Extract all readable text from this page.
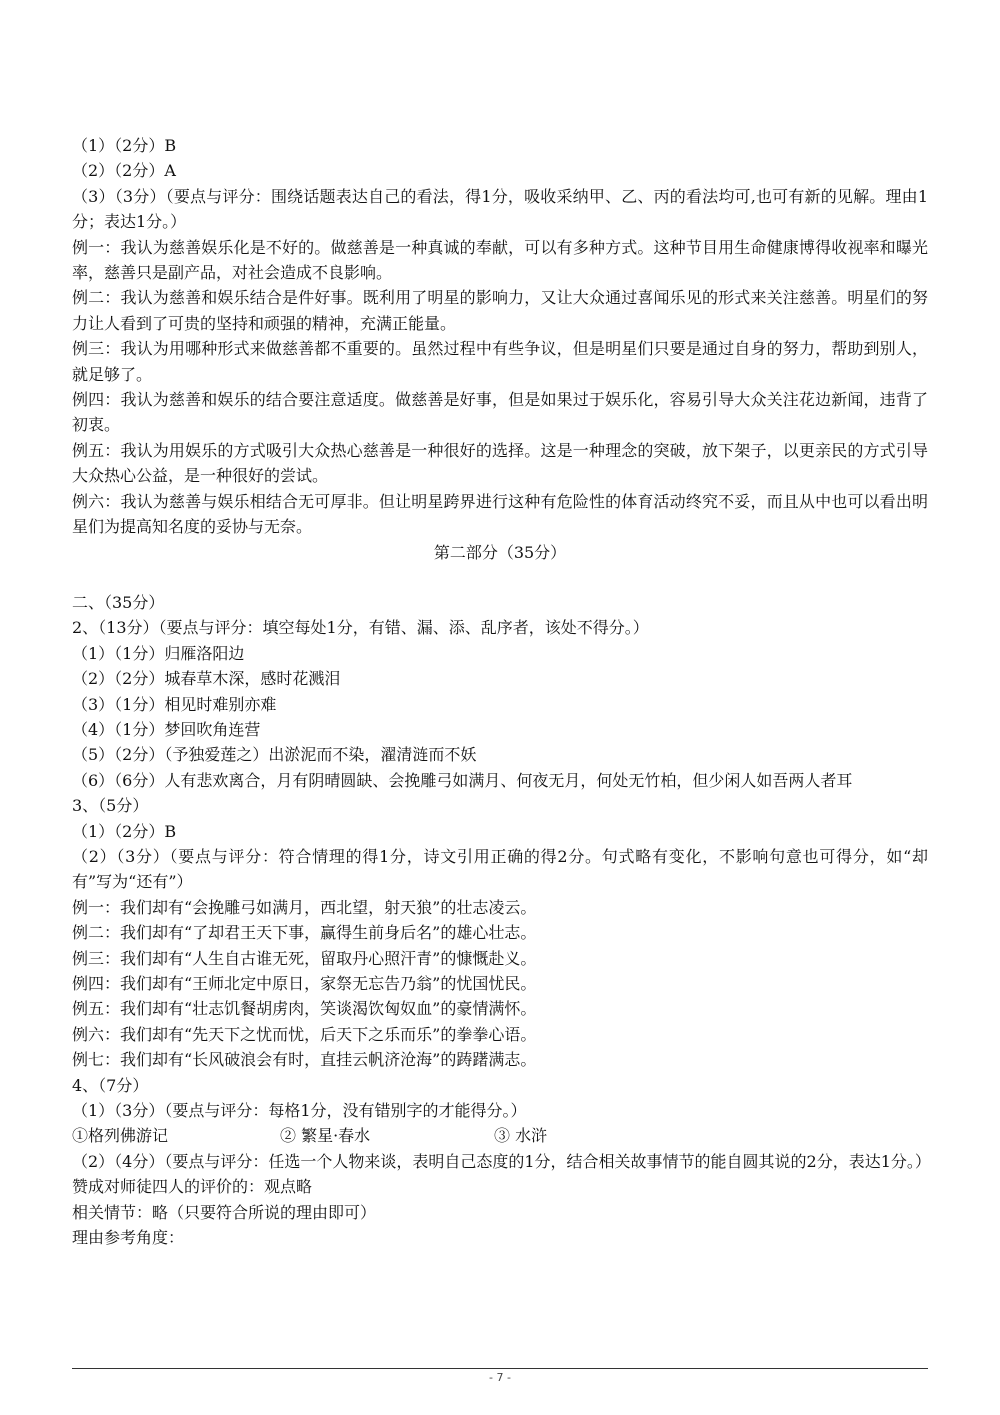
（1）（2分）B
（2）（2分）A
（3）（3分）（要点与评分：围绕话题表达自己的看法，得1分，吸收采纳甲、乙、丙的看法均可,也可有新的见解。理由1分；表达1分。）
例一：我认为慈善娱乐化是不好的。做慈善是一种真诚的奉献，可以有多种方式。这种节目用生命健康博得收视率和曝光率，慈善只是副产品，对社会造成不良影响。
例二：我认为慈善和娱乐结合是件好事。既利用了明星的影响力，又让大众通过喜闻乐见的形式来关注慈善。明星们的努力让人看到了可贵的坚持和顽强的精神，充满正能量。
例三：我认为用哪种形式来做慈善都不重要的。虽然过程中有些争议，但是明星们只要是通过自身的努力，帮助到别人，就足够了。
例四：我认为慈善和娱乐的结合要注意适度。做慈善是好事，但是如果过于娱乐化，容易引导大众关注花边新闻，违背了初衷。
例五：我认为用娱乐的方式吸引大众热心慈善是一种很好的选择。这是一种理念的突破，放下架子，以更亲民的方式引导大众热心公益，是一种很好的尝试。
例六：我认为慈善与娱乐相结合无可厚非。但让明星跨界进行这种有危险性的体育活动终究不妥，而且从中也可以看出明星们为提高知名度的妥协与无奈。
第二部分（35分）
二、（35分）
2、（13分）（要点与评分：填空每处1分，有错、漏、添、乱序者，该处不得分。）
（1）（1分）归雁洛阳边
（2）（2分）城春草木深，感时花溅泪
（3）（1分）相见时难别亦难
（4）（1分）梦回吹角连营
（5）（2分）（予独爱莲之）出淤泥而不染，濯清涟而不妖
（6）（6分）人有悲欢离合，月有阴晴圆缺、会挽雕弓如满月、何夜无月，何处无竹柏，但少闲人如吾两人者耳
3、（5分）
（1）（2分）B
（2）（3分）（要点与评分：符合情理的得1分，诗文引用正确的得2分。句式略有变化，不影响句意也可得分，如“却有”写为“还有”）
例一：我们却有“会挽雕弓如满月，西北望，射天狼”的壮志凌云。
例二：我们却有“了却君王天下事，赢得生前身后名”的雄心壮志。
例三：我们却有“人生自古谁无死，留取丹心照汗青”的慷慨赴义。
例四：我们却有“王师北定中原日，家祭无忘告乃翁”的忧国忧民。
例五：我们却有“壮志饥餐胡虏肉，笑谈渴饮匈奴血”的豪情满怀。
例六：我们却有“先天下之忧而忧，后天下之乐而乐”的拳拳心语。
例七：我们却有“长风破浪会有时，直挂云帆济沧海”的踌躇满志。
4、（7分）
（1）（3分）（要点与评分：每格1分，没有错别字的才能得分。）
①格列佛游记	② 繁星·春水	③ 水浒
（2）（4分）（要点与评分：任选一个人物来谈，表明自己态度的1分，结合相关故事情节的能自圆其说的2分，表达1分。）
赞成对师徒四人的评价的：观点略
相关情节：略（只要符合所说的理由即可）
理由参考角度：
- 7 -
